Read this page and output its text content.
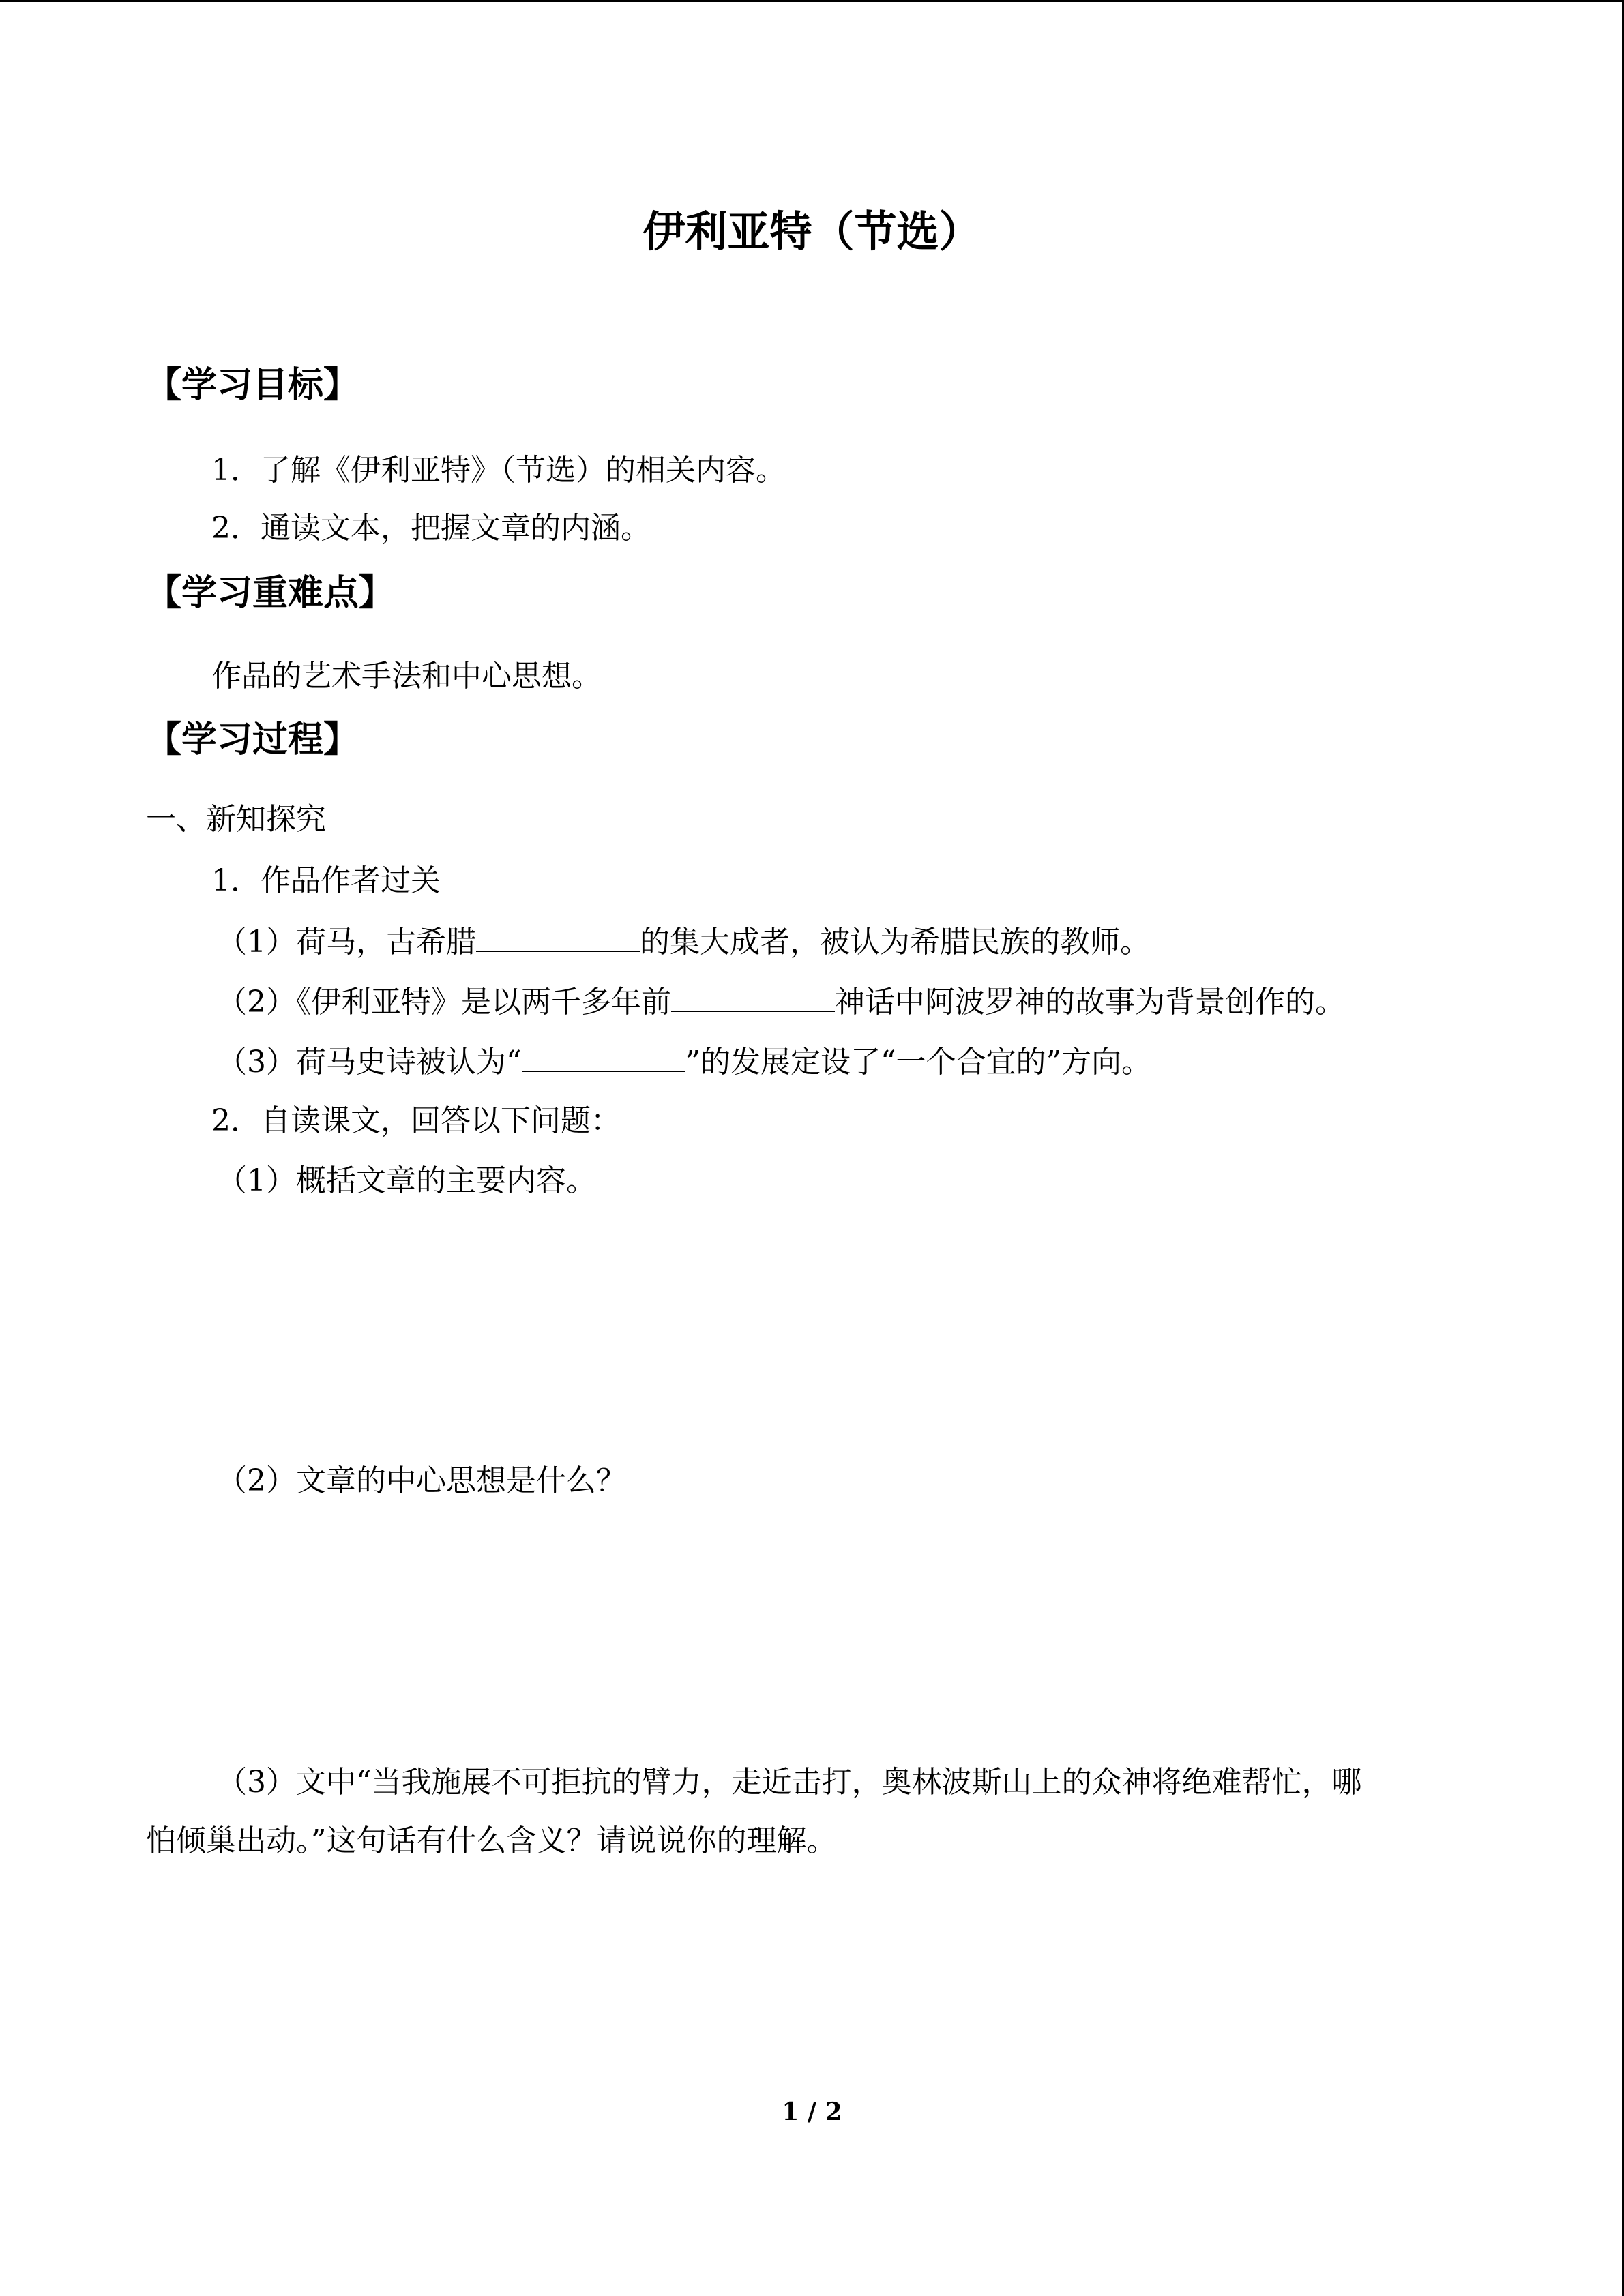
伊利亚特（节选）
【学习目标】
1．了解《伊利亚特》（节选）的相关内容。
2．通读文本，把握文章的内涵。
【学习重难点】
作品的艺术手法和中心思想。
【学习过程】
一、新知探究
1．作品作者过关
（1）荷马，古希腊	的集大成者，被认为希腊民族的教师。
（2）《伊利亚特》是以两千多年前	神话中阿波罗神的故事为背景创作的。
（3）荷马史诗被认为“	”的发展定设了“一个合宜的”方向。
2．自读课文，回答以下问题：
（1）概括文章的主要内容。
（2）文章的中心思想是什么？
（3）文中“当我施展不可拒抗的臂力，走近击打，奥林波斯山上的众神将绝难帮忙，哪
怕倾巢出动。”这句话有什么含义？请说说你的理解。
1 / 2
